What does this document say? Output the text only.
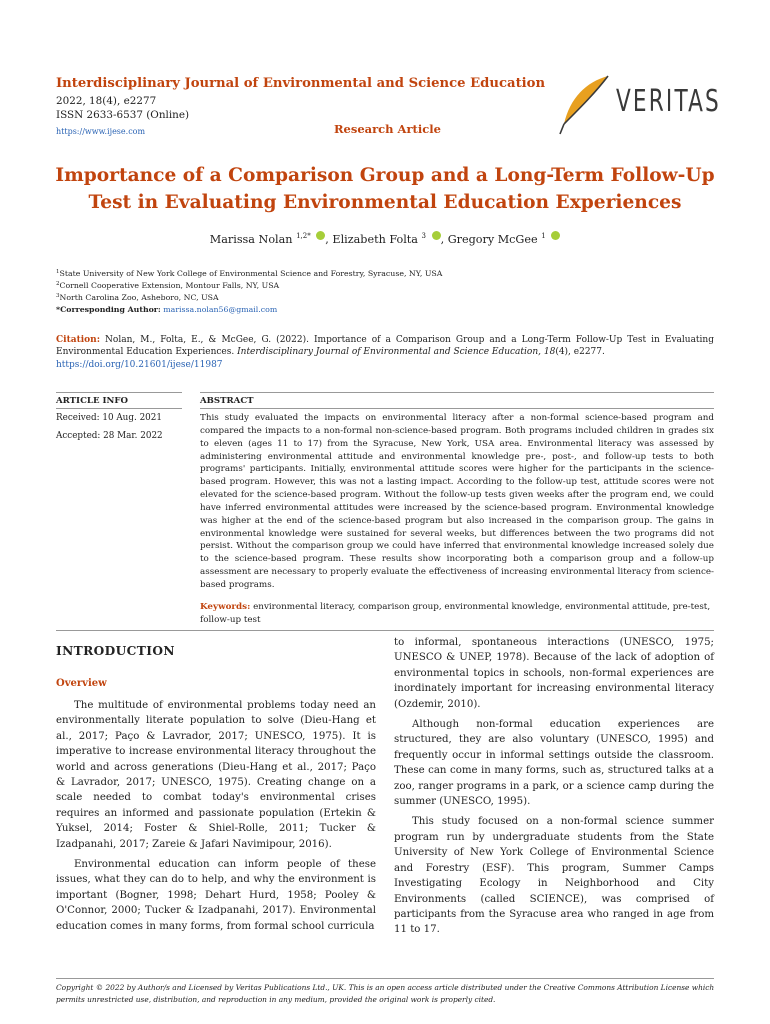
Interdisciplinary Journal of Environmental and Science Education
2022, 18(4), e2277
ISSN 2633-6537 (Online)
https://www.ijese.com	Research Article
VERITAS
Importance of a Comparison Group and a Long-Term Follow-Up Test in Evaluating Environmental Education Experiences
Marissa Nolan $^{1,2*}$ , Elizabeth Folta $^3$ , Gregory McGee $^1$
$^1$State University of New York College of Environmental Science and Forestry, Syracuse, NY, USA
$^2$Cornell Cooperative Extension, Montour Falls, NY, USA
$^3$North Carolina Zoo, Asheboro, NC, USA
*Corresponding Author: marissa.nolan56@gmail.com
Citation: Nolan, M., Folta, E., & McGee, G. (2022). Importance of a Comparison Group and a Long-Term Follow-Up Test in Evaluating Environmental Education Experiences. Interdisciplinary Journal of Environmental and Science Education, 18(4), e2277.
https://doi.org/10.21601/ijese/11987
ARTICLE INFO	ABSTRACT
Received: 10 Aug. 2021
Accepted: 28 Mar. 2022
This study evaluated the impacts on environmental literacy after a non-formal science-based program and compared the impacts to a non-formal non-science-based program. Both programs included children in grades six to eleven (ages 11 to 17) from the Syracuse, New York, USA area. Environmental literacy was assessed by administering environmental attitude and environmental knowledge pre-, post-, and follow-up tests to both programs' participants. Initially, environmental attitude scores were higher for the participants in the science-based program. However, this was not a lasting impact. According to the follow-up test, attitude scores were not elevated for the science-based program. Without the follow-up tests given weeks after the program end, we could have inferred environmental attitudes were increased by the science-based program. Environmental knowledge was higher at the end of the science-based program but also increased in the comparison group. The gains in environmental knowledge were sustained for several weeks, but differences between the two programs did not persist. Without the comparison group we could have inferred that environmental knowledge increased solely due to the science-based program. These results show incorporating both a comparison group and a follow-up assessment are necessary to properly evaluate the effectiveness of increasing environmental literacy from science-based programs.
Keywords: environmental literacy, comparison group, environmental knowledge, environmental attitude, pre-test, follow-up test
INTRODUCTION
Overview

The multitude of environmental problems today need an environmentally literate population to solve (Dieu-Hang et al., 2017; Paço & Lavrador, 2017; UNESCO, 1975). It is imperative to increase environmental literacy throughout the world and across generations (Dieu-Hang et al., 2017; Paço & Lavrador, 2017; UNESCO, 1975). Creating change on a scale needed to combat today's environmental crises requires an informed and passionate population (Ertekin & Yuksel, 2014; Foster & Shiel-Rolle, 2011; Tucker & Izadpanahi, 2017; Zareie & Jafari Navimipour, 2016).

Environmental education can inform people of these issues, what they can do to help, and why the environment is important (Bogner, 1998; Dehart Hurd, 1958; Pooley & O'Connor, 2000; Tucker & Izadpanahi, 2017). Environmental education comes in many forms, from formal school curricula

to informal, spontaneous interactions (UNESCO, 1975; UNESCO & UNEP, 1978). Because of the lack of adoption of environmental topics in schools, non-formal experiences are inordinately important for increasing environmental literacy (Ozdemir, 2010).

Although non-formal education experiences are structured, they are also voluntary (UNESCO, 1995) and frequently occur in informal settings outside the classroom. These can come in many forms, such as, structured talks at a zoo, ranger programs in a park, or a science camp during the summer (UNESCO, 1995).

This study focused on a non-formal science summer program run by undergraduate students from the State University of New York College of Environmental Science and Forestry (ESF). This program, Summer Camps Investigating Ecology in Neighborhood and City Environments (called SCIENCE), was comprised of participants from the Syracuse area who ranged in age from 11 to 17.

Copyright © 2022 by Author/s and Licensed by Veritas Publications Ltd., UK. This is an open access article distributed under the Creative Commons Attribution License which permits unrestricted use, distribution, and reproduction in any medium, provided the original work is properly cited.
